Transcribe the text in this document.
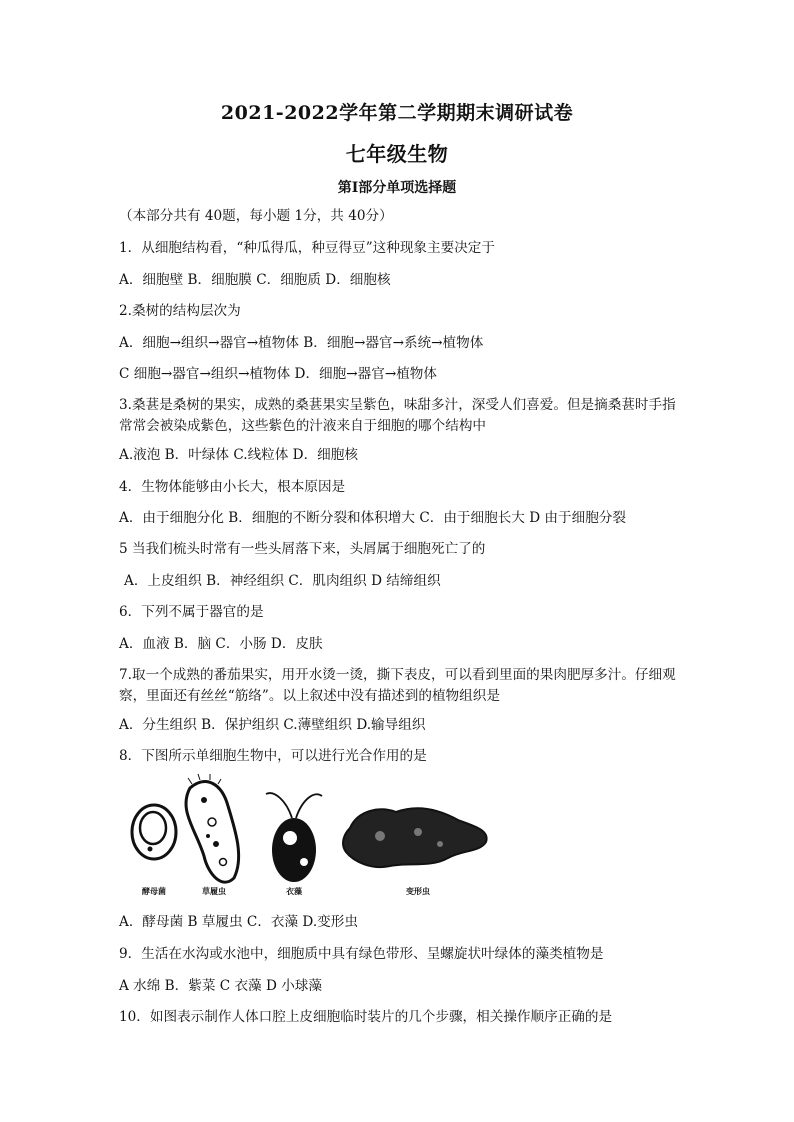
2021-2022学年第二学期期末调研试卷
七年级生物
第Ⅰ部分单项选择题
（本部分共有 40题，每小题 1分，共 40分）
1．从细胞结构看，“种瓜得瓜，种豆得豆”这种现象主要决定于
A．细胞壁 B．细胞膜 C．细胞质 D．细胞核
2.桑树的结构层次为
A．细胞→组织→器官→植物体 B．细胞→器官→系统→植物体
C 细胞→器官→组织→植物体 D．细胞→器官→植物体
3.桑葚是桑树的果实，成熟的桑葚果实呈紫色，味甜多汁，深受人们喜爱。但是摘桑葚时手指 常常会被染成紫色，这些紫色的汁液来自于细胞的哪个结构中
A.液泡 B．叶绿体 C.线粒体 D．细胞核
4．生物体能够由小长大，根本原因是
A．由于细胞分化 B．细胞的不断分裂和体积增大 C．由于细胞长大 D 由于细胞分裂
5 当我们梳头时常有一些头屑落下来，头屑属于细胞死亡了的
A．上皮组织 B．神经组织 C．肌肉组织 D 结缔组织
6．下列不属于器官的是
A．血液 B．脑 C．小肠 D．皮肤
7.取一个成熟的番茄果实，用开水烫一烫，撕下表皮，可以看到里面的果肉肥厚多汁。仔细观察，里面还有丝丝“筋络”。以上叙述中没有描述到的植物组织是
A．分生组织 B．保护组织 C.薄壁组织 D.输导组织
8．下图所示单细胞生物中，可以进行光合作用的是
酵母菌	草履虫	衣藻	变形虫
A．酵母菌 B 草履虫 C．衣藻 D.变形虫
9．生活在水沟或水池中，细胞质中具有绿色带形、呈螺旋状叶绿体的藻类植物是
A 水绵 B．紫菜 C 衣藻 D 小球藻
10．如图表示制作人体口腔上皮细胞临时装片的几个步骤，相关操作顺序正确的是
